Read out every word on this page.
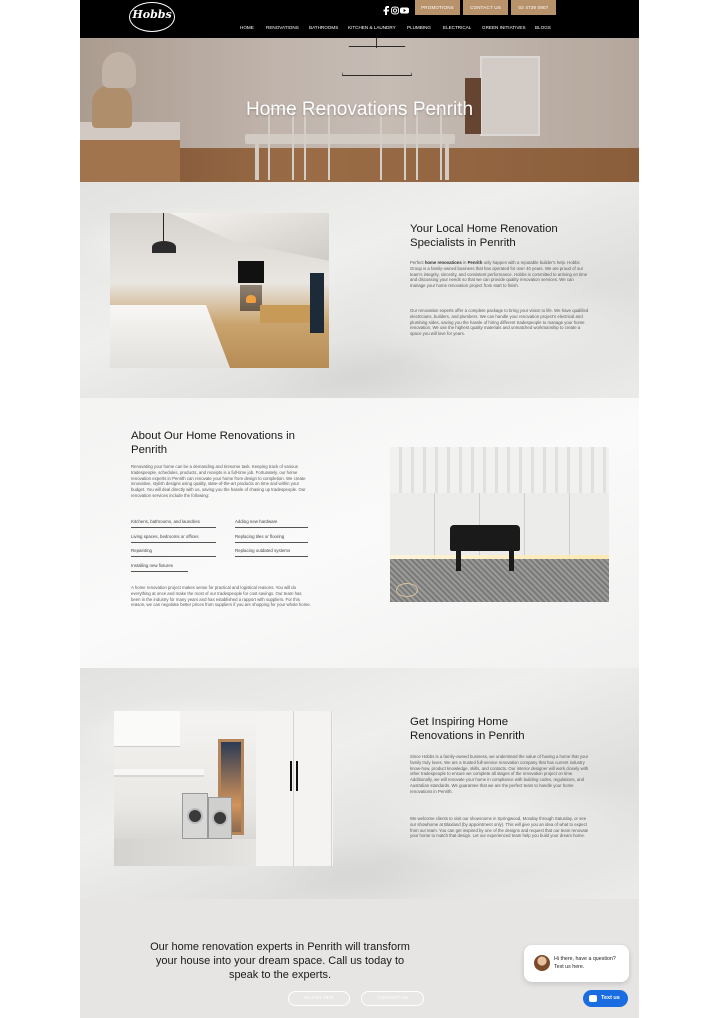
Hobbs
PROMOTIONS	CONTACT US	02 4739 0907
HOME	RENOVATIONS BATHROOMS KITCHEN & LAUNDRY PLUMBING	ELECTRICAL GREEN INITIATIVES BLOGS
Home Renovations Penrith
Your Local Home Renovation
Specialists in Penrith
Perfect home renovations in Penrith only happen with a reputable builder's help. Hobbs Group is a family-owned business that has operated for over 40 years. We are proud of our team's integrity, sincerity, and consistent performance. Hobbs is committed to arriving on time and discussing your needs so that we can provide quality renovation services. We can manage your home renovation project from start to finish.
Our renovation experts offer a complete package to bring your vision to life. We have qualified electricians, builders, and plumbers. We can handle your renovation project's electrical and plumbing sides, saving you the hassle of hiring different tradespeople to manage your home renovation. We use the highest quality materials and unmatched workmanship to create a space you will love for years.
About Our Home Renovations in
Penrith
Renovating your home can be a demanding and tiresome task. Keeping track of various tradespeople, schedules, products, and receipts is a full-time job. Fortunately, our home renovation experts in Penrith can renovate your home from design to completion. We create innovative, stylish designs using quality, state-of-the-art products on time and within your budget. You will deal directly with us, saving you the hassle of chasing up tradespeople. Our renovation services include the following:
Kitchens, bathrooms, and laundries	Adding new hardware
Living spaces, bedrooms or offices	Replacing tiles or flooring
Repainting	Replacing outdated systems
Installing new fixtures
A home renovation project makes sense for practical and logistical reasons. You will do everything at once and make the most of our tradespeople for cost savings. Our team has been in the industry for many years and has established a rapport with suppliers. For this reason, we can negotiate better prices from suppliers if you are shopping for your whole home.
Get Inspiring Home
Renovations in Penrith
Since Hobbs is a family-owned business, we understand the value of having a home that your family truly loves. We are a trusted full-service renovation company that has current industry know-how, product knowledge, skills, and contacts. Our interior designer will work closely with other tradespeople to ensure we complete all stages of the renovation project on time. Additionally, we will renovate your home in compliance with building codes, regulations, and Australian standards. We guarantee that we are the perfect team to handle your home renovations in Penrith.
We welcome clients to visit our showrooms in Springwood, Monday through Saturday, or see our showhome at Blaxland (by appointment only). This will give you an idea of what to expect from our team. You can get inspired by one of the designs and request that our team renovate your home to match that design. Let our experienced team help you build your dream home.
Our home renovation experts in Penrith will transform your house into your dream space. Call us today to speak to the experts.
02 4751 7370	CONTACT US
Hi there, have a question? Text us here.
Text us
